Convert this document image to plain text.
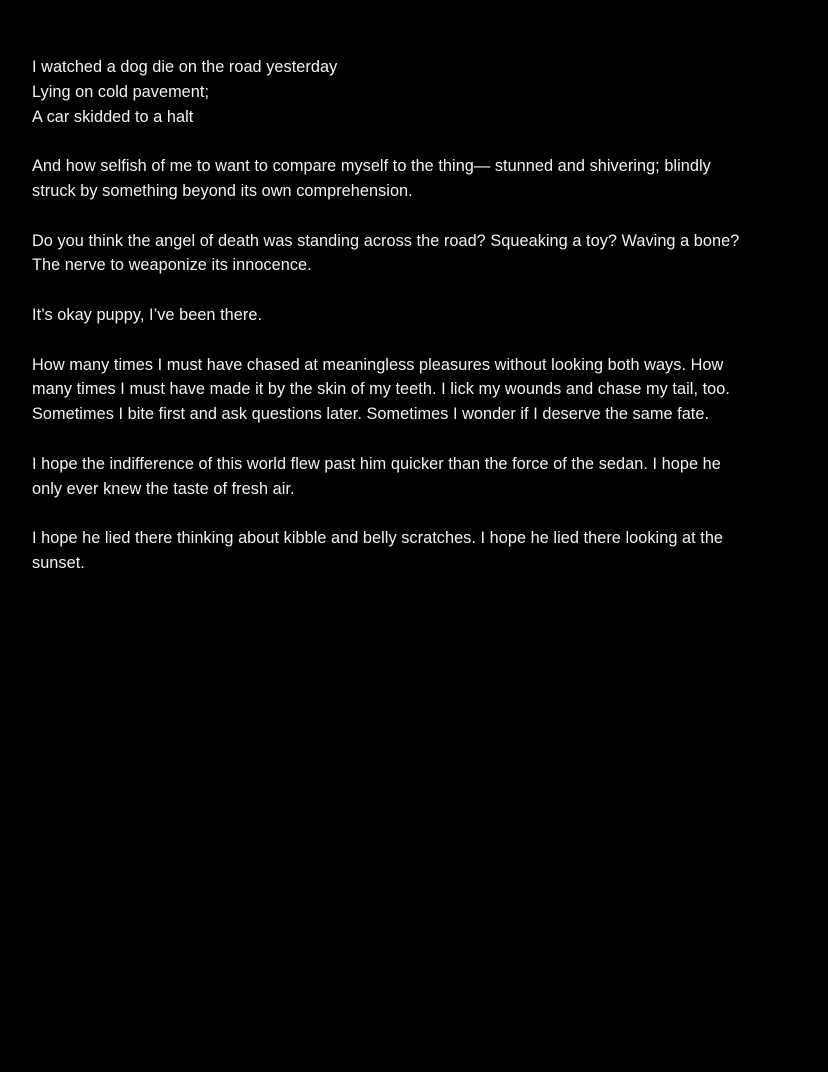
I watched a dog die on the road yesterday
Lying on cold pavement;
A car skidded to a halt
And how selfish of me to want to compare myself to the thing— stunned and shivering; blindly
struck by something beyond its own comprehension.
Do you think the angel of death was standing across the road? Squeaking a toy? Waving a bone?
The nerve to weaponize its innocence.
It’s okay puppy, I’ve been there.
How many times I must have chased at meaningless pleasures without looking both ways. How
many times I must have made it by the skin of my teeth. I lick my wounds and chase my tail, too.
Sometimes I bite first and ask questions later. Sometimes I wonder if I deserve the same fate.
I hope the indifference of this world flew past him quicker than the force of the sedan. I hope he
only ever knew the taste of fresh air.
I hope he lied there thinking about kibble and belly scratches. I hope he lied there looking at the
sunset.
